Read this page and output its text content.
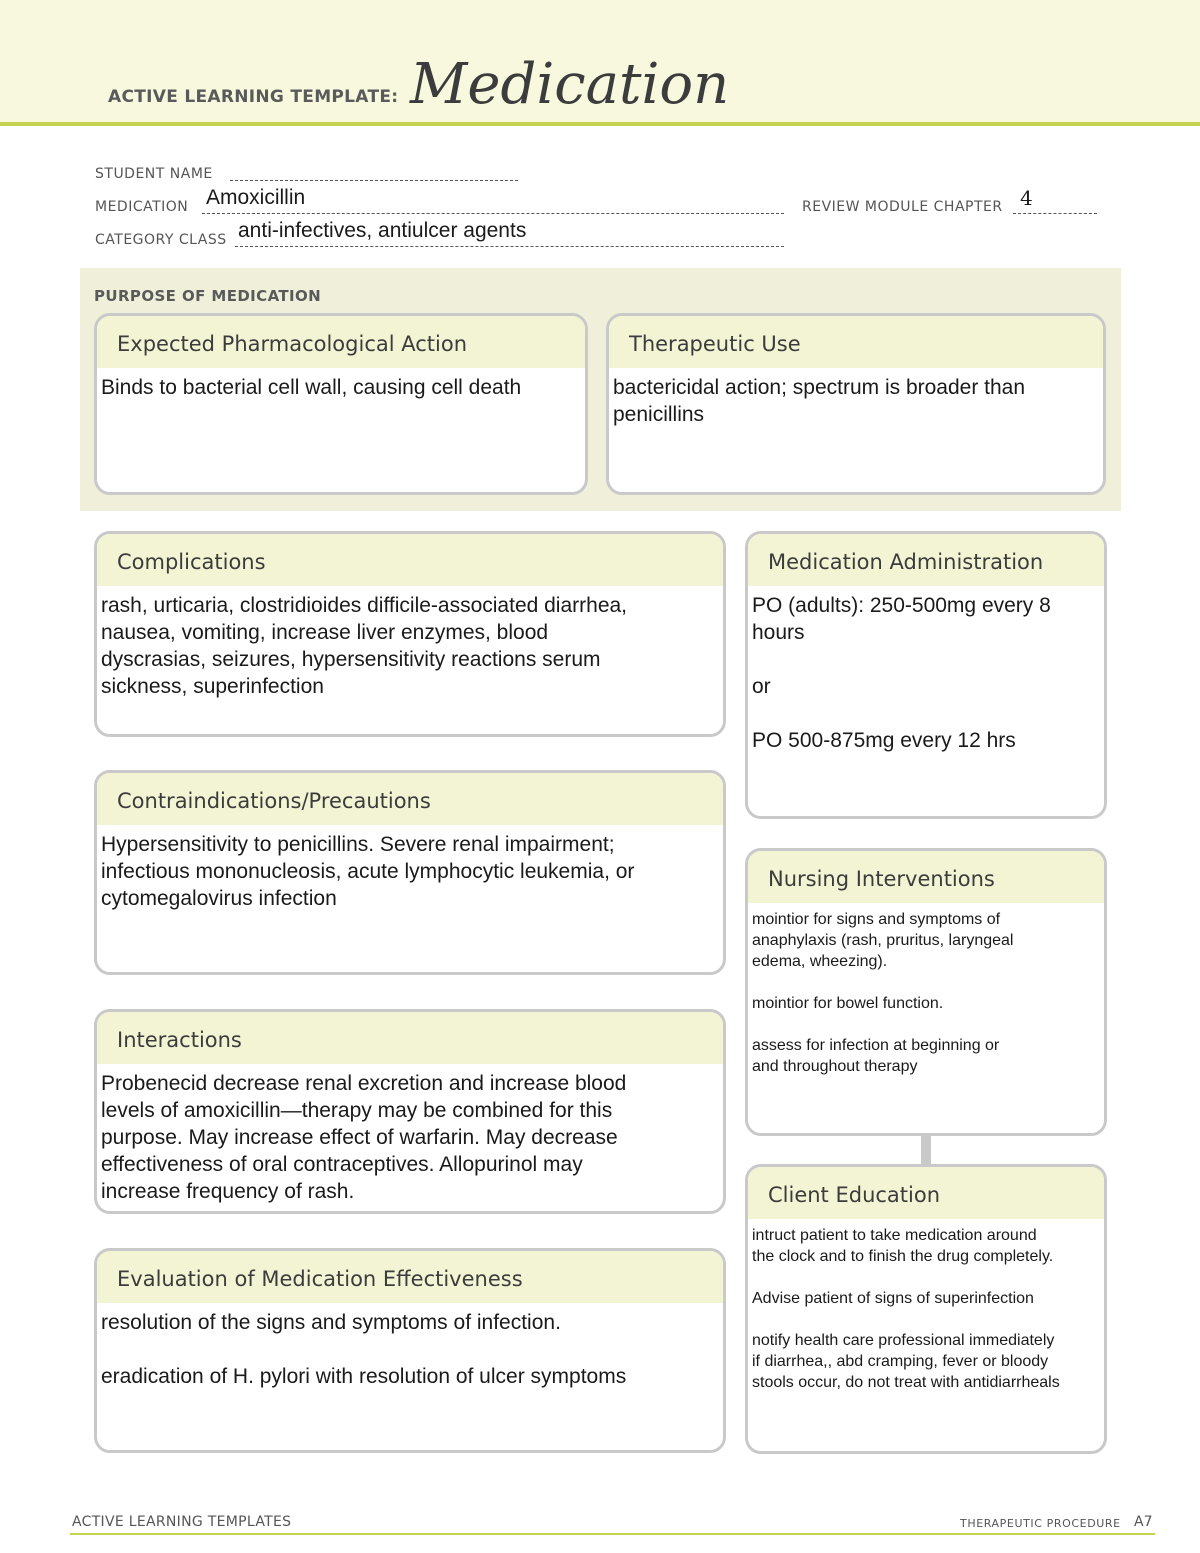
ACTIVE LEARNING TEMPLATE: Medication
STUDENT NAME
MEDICATION Amoxicillin	REVIEW MODULE CHAPTER 4
CATEGORY CLASS anti-infectives, antiulcer agents
PURPOSE OF MEDICATION
Expected Pharmacological Action
Binds to bacterial cell wall, causing cell death
Therapeutic Use
bactericidal action; spectrum is broader than
penicillins
Complications
rash, urticaria, clostridioides difficile-associated diarrhea,
nausea, vomiting, increase liver enzymes, blood
dyscrasias, seizures, hypersensitivity reactions serum
sickness, superinfection
Contraindications/Precautions
Hypersensitivity to penicillins. Severe renal impairment;
infectious mononucleosis, acute lymphocytic leukemia, or
cytomegalovirus infection
Interactions
Probenecid decrease renal excretion and increase blood
levels of amoxicillin—therapy may be combined for this
purpose. May increase effect of warfarin. May decrease
effectiveness of oral contraceptives. Allopurinol may
increase frequency of rash.
Evaluation of Medication Effectiveness
resolution of the signs and symptoms of infection.

eradication of H. pylori with resolution of ulcer symptoms
Medication Administration
PO (adults): 250-500mg every 8
hours

or

PO 500-875mg every 12 hrs
Nursing Interventions
mointior for signs and symptoms of
anaphylaxis (rash, pruritus, laryngeal
edema, wheezing).

mointior for bowel function.

assess for infection at beginning or
and throughout therapy
Client Education
intruct patient to take medication around
the clock and to finish the drug completely.

Advise patient of signs of superinfection

notify health care professional immediately
if diarrhea,, abd cramping, fever or bloody
stools occur, do not treat with antidiarrheals
ACTIVE LEARNING TEMPLATES	THERAPEUTIC PROCEDURE A7
